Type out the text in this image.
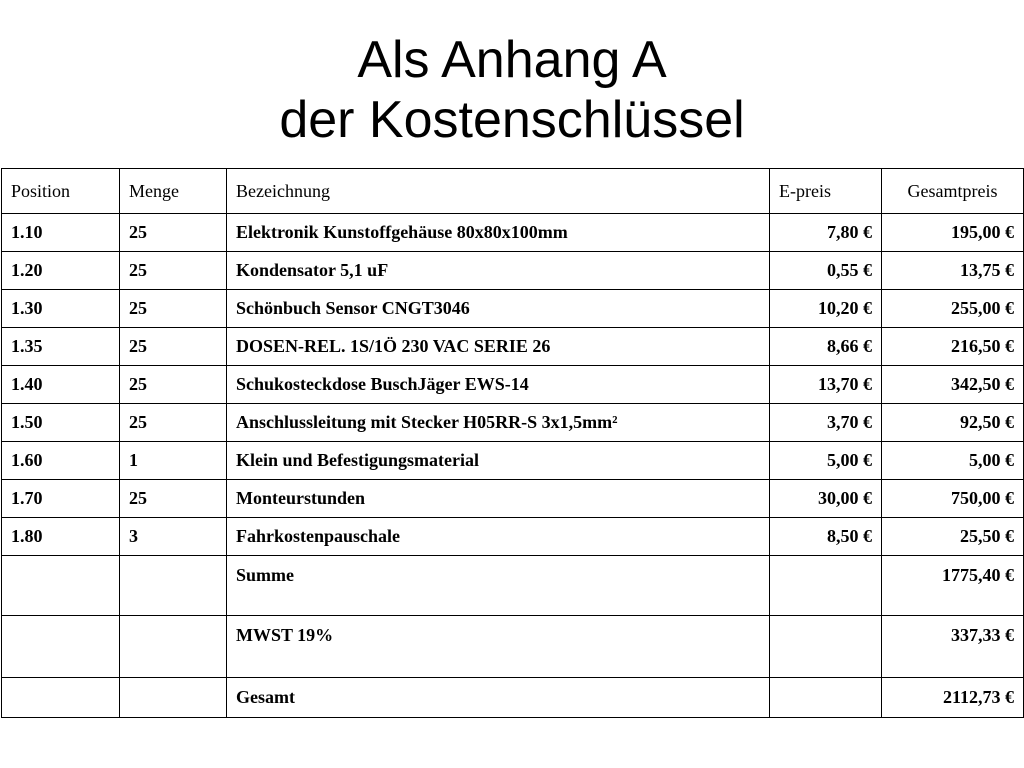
Als Anhang A
der Kostenschlüssel
Position	Menge	Bezeichnung	E-preis	Gesamtpreis
1.10	25	Elektronik Kunstoffgehäuse 80x80x100mm	7,80 €	195,00 €
1.20	25	Kondensator 5,1 uF	0,55 €	13,75 €
1.30	25	Schönbuch Sensor CNGT3046	10,20 €	255,00 €
1.35	25	DOSEN-REL. 1S/1Ö 230 VAC SERIE 26	8,66 €	216,50 €
1.40	25	Schukosteckdose BuschJäger EWS-14	13,70 €	342,50 €
1.50	25	Anschlussleitung mit Stecker H05RR-S 3x1,5mm²	3,70 €	92,50 €
1.60	1	Klein und Befestigungsmaterial	5,00 €	5,00 €
1.70	25	Monteurstunden	30,00 €	750,00 €
1.80	3	Fahrkostenpauschale	8,50 €	25,50 €
		Summe		1775,40 €
		MWST 19%		337,33 €
		Gesamt		2112,73 €
